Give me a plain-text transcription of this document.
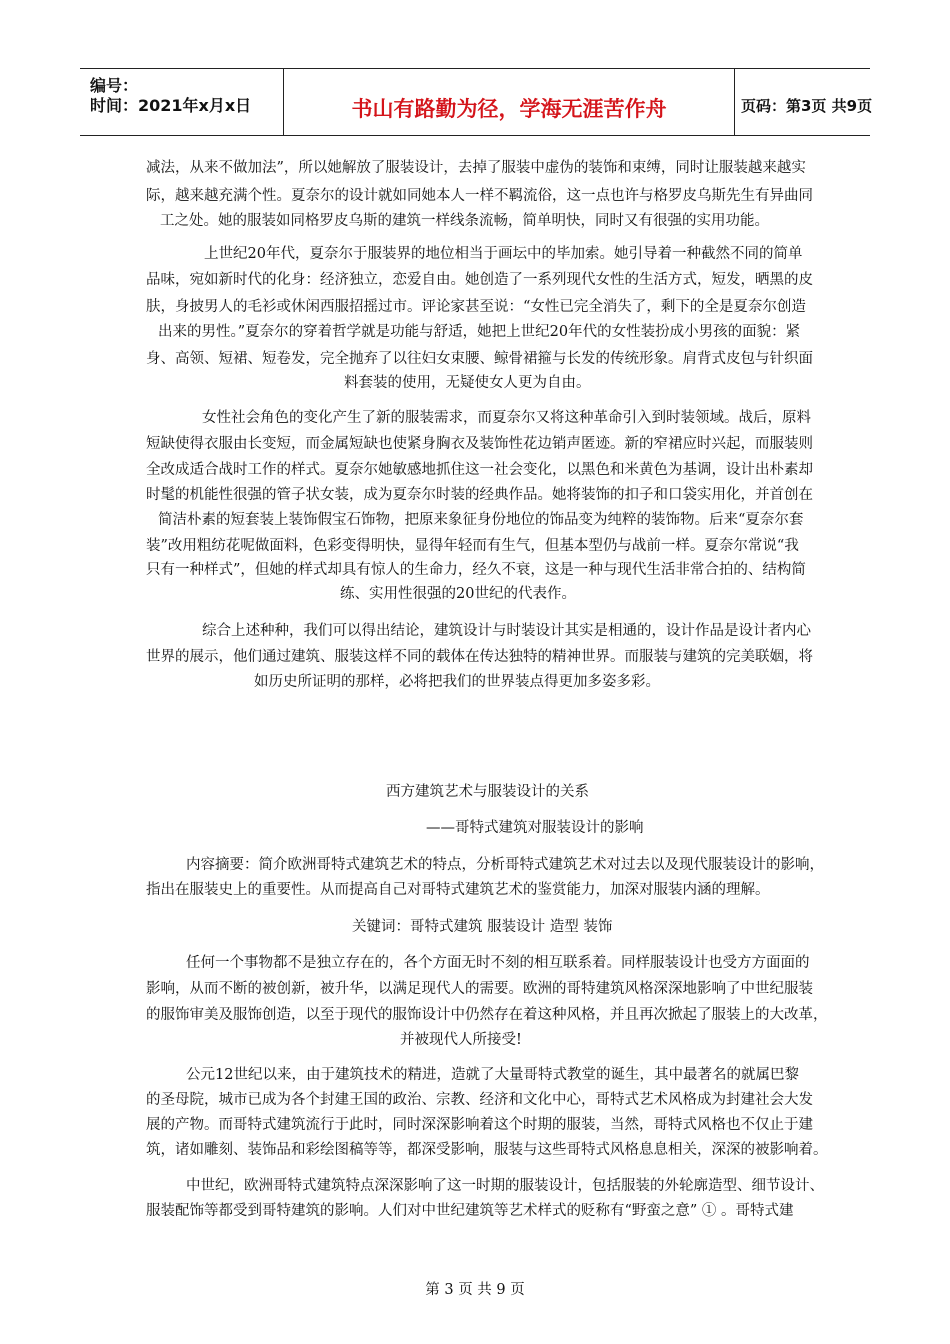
编号：
时间：2021年x月x日	书山有路勤为径，学海无涯苦作舟	页码：第3页 共9页
减法，从来不做加法”，所以她解放了服装设计，去掉了服装中虚伪的装饰和束缚，同时让服装越来越实
际，越来越充满个性。夏奈尔的设计就如同她本人一样不羁流俗，这一点也许与格罗皮乌斯先生有异曲同
工之处。她的服装如同格罗皮乌斯的建筑一样线条流畅，简单明快，同时又有很强的实用功能。
上世纪20年代，夏奈尔于服装界的地位相当于画坛中的毕加索。她引导着一种截然不同的简单
品味，宛如新时代的化身：经济独立，恋爱自由。她创造了一系列现代女性的生活方式，短发，晒黑的皮
肤，身披男人的毛衫或休闲西服招摇过市。评论家甚至说：“女性已完全消失了，剩下的全是夏奈尔创造
出来的男性。”夏奈尔的穿着哲学就是功能与舒适，她把上世纪20年代的女性装扮成小男孩的面貌：紧
身、高领、短裙、短卷发，完全抛弃了以往妇女束腰、鲸骨裙箍与长发的传统形象。肩背式皮包与针织面
料套装的使用，无疑使女人更为自由。
女性社会角色的变化产生了新的服装需求，而夏奈尔又将这种革命引入到时装领域。战后，原料
短缺使得衣服由长变短，而金属短缺也使紧身胸衣及装饰性花边销声匿迹。新的窄裙应时兴起，而服装则
全改成适合战时工作的样式。夏奈尔她敏感地抓住这一社会变化，以黑色和米黄色为基调，设计出朴素却
时髦的机能性很强的管子状女装，成为夏奈尔时装的经典作品。她将装饰的扣子和口袋实用化，并首创在
简洁朴素的短套装上装饰假宝石饰物，把原来象征身份地位的饰品变为纯粹的装饰物。后来“夏奈尔套
装”改用粗纺花呢做面料，色彩变得明快，显得年轻而有生气，但基本型仍与战前一样。夏奈尔常说“我
只有一种样式”，但她的样式却具有惊人的生命力，经久不衰，这是一种与现代生活非常合拍的、结构简
练、实用性很强的20世纪的代表作。
综合上述种种，我们可以得出结论，建筑设计与时装设计其实是相通的，设计作品是设计者内心
世界的展示，他们通过建筑、服装这样不同的载体在传达独特的精神世界。而服装与建筑的完美联姻，将
如历史所证明的那样，必将把我们的世界装点得更加多姿多彩。
西方建筑艺术与服装设计的关系
——哥特式建筑对服装设计的影响
内容摘要：简介欧洲哥特式建筑艺术的特点，分析哥特式建筑艺术对过去以及现代服装设计的影响，
指出在服装史上的重要性。从而提高自己对哥特式建筑艺术的鉴赏能力，加深对服装内涵的理解。
关键词：哥特式建筑 服装设计 造型 装饰
任何一个事物都不是独立存在的，各个方面无时不刻的相互联系着。同样服装设计也受方方面面的
影响，从而不断的被创新，被升华，以满足现代人的需要。欧洲的哥特建筑风格深深地影响了中世纪服装
的服饰审美及服饰创造，以至于现代的服饰设计中仍然存在着这种风格，并且再次掀起了服装上的大改革，
并被现代人所接受!
公元12世纪以来，由于建筑技术的精进，造就了大量哥特式教堂的诞生，其中最著名的就属巴黎
的圣母院，城市已成为各个封建王国的政治、宗教、经济和文化中心，哥特式艺术风格成为封建社会大发
展的产物。而哥特式建筑流行于此时，同时深深影响着这个时期的服装，当然，哥特式风格也不仅止于建
筑，诸如雕刻、装饰品和彩绘图稿等等，都深受影响，服装与这些哥特式风格息息相关，深深的被影响着。
中世纪，欧洲哥特式建筑特点深深影响了这一时期的服装设计，包括服装的外轮廓造型、细节设计、
服装配饰等都受到哥特建筑的影响。人们对中世纪建筑等艺术样式的贬称有“野蛮之意” ① 。哥特式建
第 3 页 共 9 页
